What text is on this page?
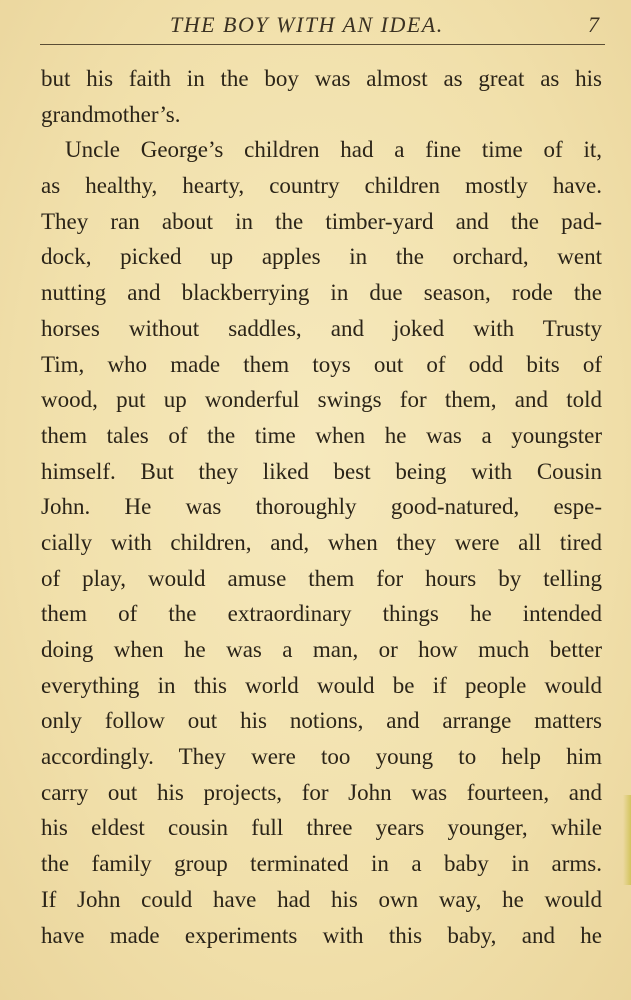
THE BOY WITH AN IDEA.	7
but his faith in the boy was almost as great as his
grandmother’s.
Uncle George’s children had a fine time of it,
as healthy, hearty, country children mostly have.
They ran about in the timber-yard and the pad-
dock, picked up apples in the orchard, went
nutting and blackberrying in due season, rode the
horses without saddles, and joked with Trusty
Tim, who made them toys out of odd bits of
wood, put up wonderful swings for them, and told
them tales of the time when he was a youngster
himself. But they liked best being with Cousin
John. He was thoroughly good-natured, espe-
cially with children, and, when they were all tired
of play, would amuse them for hours by telling
them of the extraordinary things he intended
doing when he was a man, or how much better
everything in this world would be if people would
only follow out his notions, and arrange matters
accordingly. They were too young to help him
carry out his projects, for John was fourteen, and
his eldest cousin full three years younger, while
the family group terminated in a baby in arms.
If John could have had his own way, he would
have made experiments with this baby, and he
